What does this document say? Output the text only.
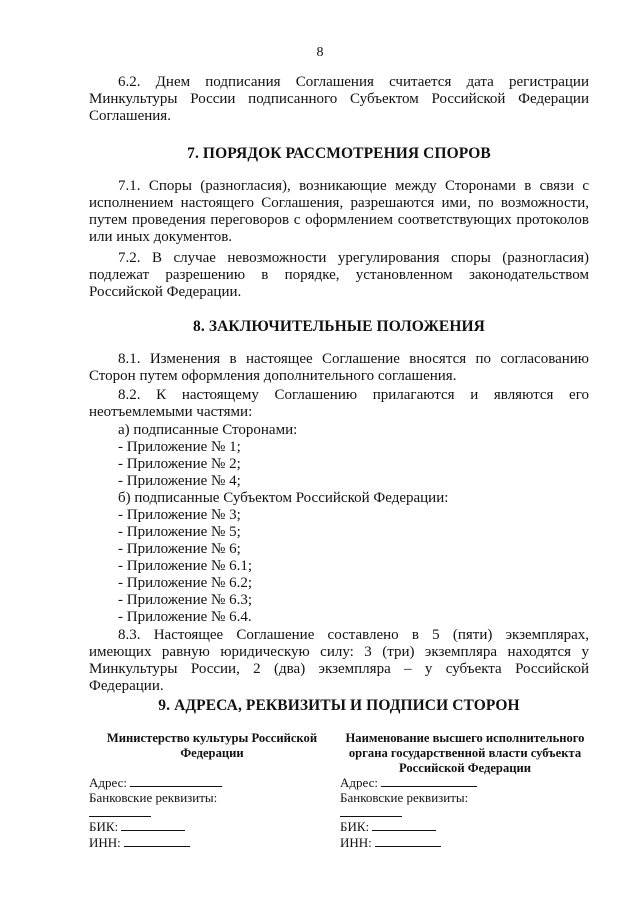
8

6.2. Днем подписания Соглашения считается дата регистрации Минкультуры России подписанного Субъектом Российской Федерации Соглашения.

7. ПОРЯДОК РАССМОТРЕНИЯ СПОРОВ

7.1. Споры (разногласия), возникающие между Сторонами в связи с исполнением настоящего Соглашения, разрешаются ими, по возможности, путем проведения переговоров с оформлением соответствующих протоколов или иных документов.

7.2. В случае невозможности урегулирования споры (разногласия) подлежат разрешению в порядке, установленном законодательством Российской Федерации.

8. ЗАКЛЮЧИТЕЛЬНЫЕ ПОЛОЖЕНИЯ

8.1. Изменения в настоящее Соглашение вносятся по согласованию Сторон путем оформления дополнительного соглашения.

8.2. К настоящему Соглашению прилагаются и являются его неотъемлемыми частями:

а) подписанные Сторонами:

- Приложение № 1;

- Приложение № 2;

- Приложение № 4;

б) подписанные Субъектом Российской Федерации:

- Приложение № 3;

- Приложение № 5;

- Приложение № 6;

- Приложение № 6.1;

- Приложение № 6.2;

- Приложение № 6.3;

- Приложение № 6.4.

8.3. Настоящее Соглашение составлено в 5 (пяти) экземплярах, имеющих равную юридическую силу: 3 (три) экземпляра находятся у Минкультуры России, 2 (два) экземпляра – у субъекта Российской Федерации.

9. АДРЕСА, РЕКВИЗИТЫ И ПОДПИСИ СТОРОН
Министерство культуры Российской Федерации
Наименование высшего исполнительного органа государственной власти субъекта Российской Федерации
Адрес:
Банковские реквизиты:
БИК:
ИНН:
Адрес:
Банковские реквизиты:
БИК:
ИНН:
